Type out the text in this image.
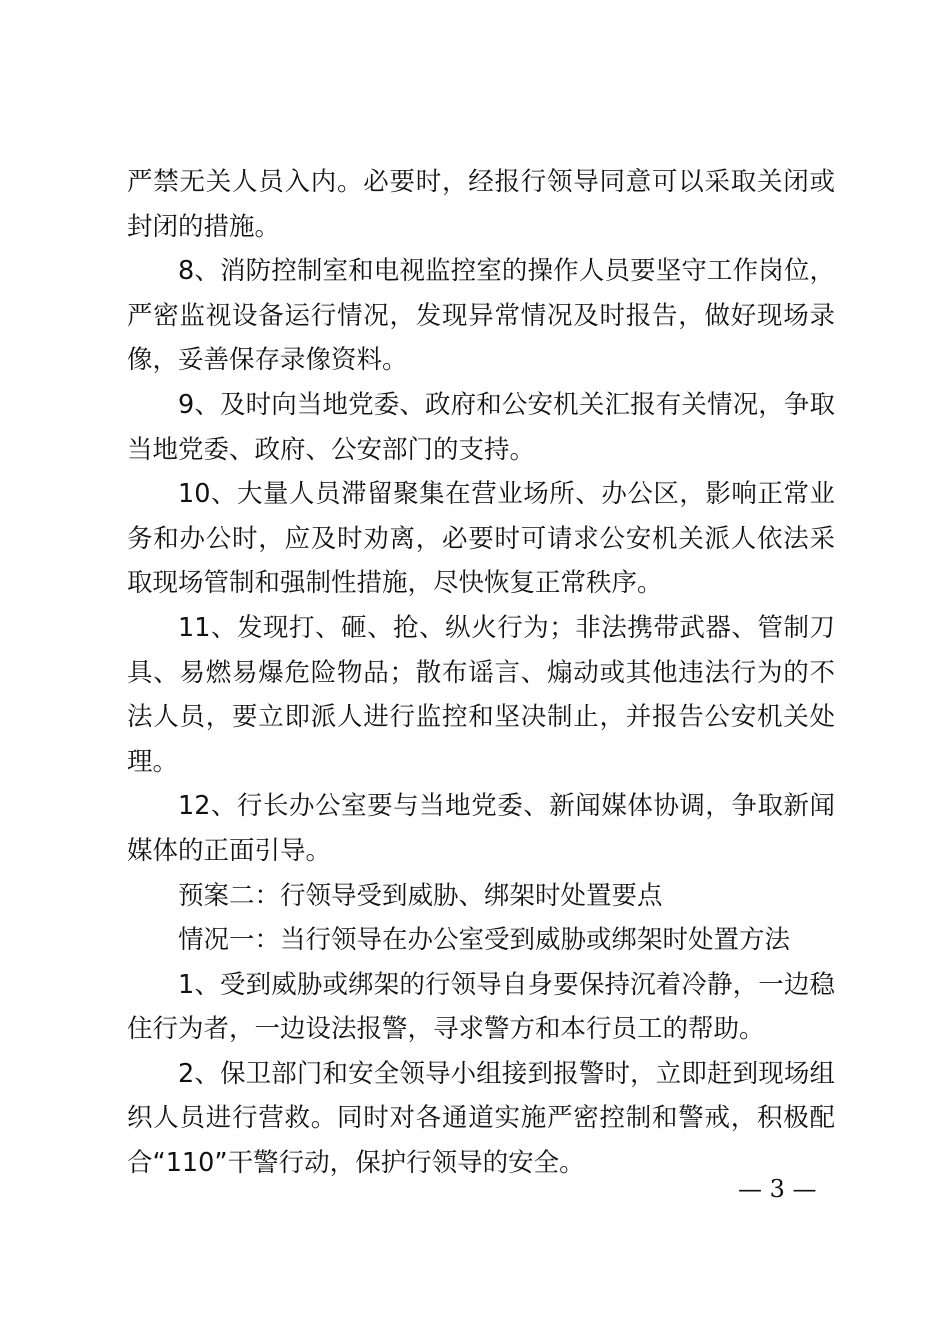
严禁无关人员入内。必要时，经报行领导同意可以采取关闭或封闭的措施。

8、消防控制室和电视监控室的操作人员要坚守工作岗位，严密监视设备运行情况，发现异常情况及时报告，做好现场录像，妥善保存录像资料。

9、及时向当地党委、政府和公安机关汇报有关情况，争取当地党委、政府、公安部门的支持。

10、大量人员滞留聚集在营业场所、办公区，影响正常业务和办公时，应及时劝离，必要时可请求公安机关派人依法采取现场管制和强制性措施，尽快恢复正常秩序。

11、发现打、砸、抢、纵火行为；非法携带武器、管制刀具、易燃易爆危险物品；散布谣言、煽动或其他违法行为的不法人员，要立即派人进行监控和坚决制止，并报告公安机关处理。

12、行长办公室要与当地党委、新闻媒体协调，争取新闻媒体的正面引导。

预案二：行领导受到威胁、绑架时处置要点

情况一：当行领导在办公室受到威胁或绑架时处置方法

1、受到威胁或绑架的行领导自身要保持沉着冷静，一边稳住行为者，一边设法报警，寻求警方和本行员工的帮助。

2、保卫部门和安全领导小组接到报警时，立即赶到现场组织人员进行营救。同时对各通道实施严密控制和警戒，积极配合“110”干警行动，保护行领导的安全。

— 3 —
